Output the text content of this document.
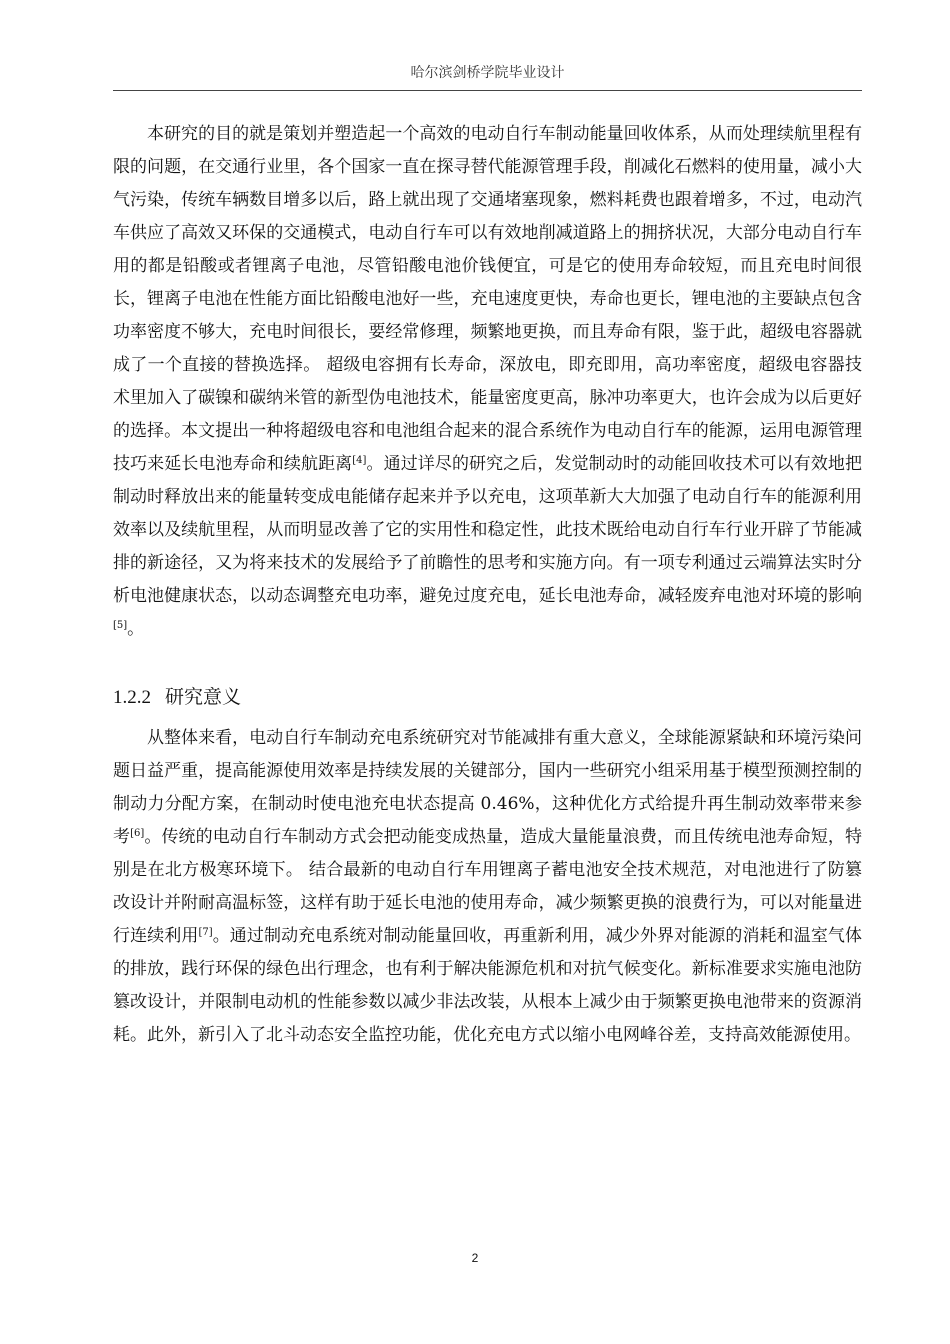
哈尔滨剑桥学院毕业设计

本研究的目的就是策划并塑造起一个高效的电动自行车制动能量回收体系，从而处理续航里程有限的问题，在交通行业里，各个国家一直在探寻替代能源管理手段，削减化石燃料的使用量，减小大气污染，传统车辆数目增多以后，路上就出现了交通堵塞现象，燃料耗费也跟着增多，不过，电动汽车供应了高效又环保的交通模式，电动自行车可以有效地削减道路上的拥挤状况，大部分电动自行车用的都是铅酸或者锂离子电池，尽管铅酸电池价钱便宜，可是它的使用寿命较短，而且充电时间很长，锂离子电池在性能方面比铅酸电池好一些，充电速度更快，寿命也更长，锂电池的主要缺点包含功率密度不够大，充电时间很长，要经常修理，频繁地更换，而且寿命有限，鉴于此，超级电容器就成了一个直接的替换选择。 超级电容拥有长寿命，深放电，即充即用，高功率密度，超级电容器技术里加入了碳镍和碳纳米管的新型伪电池技术，能量密度更高，脉冲功率更大，也许会成为以后更好的选择。本文提出一种将超级电容和电池组合起来的混合系统作为电动自行车的能源，运用电源管理技巧来延长电池寿命和续航距离[4]。通过详尽的研究之后，发觉制动时的动能回收技术可以有效地把制动时释放出来的能量转变成电能储存起来并予以充电，这项革新大大加强了电动自行车的能源利用效率以及续航里程，从而明显改善了它的实用性和稳定性，此技术既给电动自行车行业开辟了节能减排的新途径，又为将来技术的发展给予了前瞻性的思考和实施方向。有一项专利通过云端算法实时分析电池健康状态，以动态调整充电功率，避免过度充电，延长电池寿命，减轻废弃电池对环境的影响[5]。

1.2.2 研究意义

从整体来看，电动自行车制动充电系统研究对节能减排有重大意义，全球能源紧缺和环境污染问题日益严重，提高能源使用效率是持续发展的关键部分，国内一些研究小组采用基于模型预测控制的制动力分配方案，在制动时使电池充电状态提高 0.46%，这种优化方式给提升再生制动效率带来参考[6]。传统的电动自行车制动方式会把动能变成热量，造成大量能量浪费，而且传统电池寿命短，特别是在北方极寒环境下。 结合最新的电动自行车用锂离子蓄电池安全技术规范，对电池进行了防篡改设计并附耐高温标签，这样有助于延长电池的使用寿命，减少频繁更换的浪费行为，可以对能量进行连续利用[7]。通过制动充电系统对制动能量回收，再重新利用，减少外界对能源的消耗和温室气体的排放，践行环保的绿色出行理念，也有利于解决能源危机和对抗气候变化。新标准要求实施电池防篡改设计，并限制电动机的性能参数以减少非法改装，从根本上减少由于频繁更换电池带来的资源消耗。此外，新引入了北斗动态安全监控功能，优化充电方式以缩小电网峰谷差，支持高效能源使用。

2
